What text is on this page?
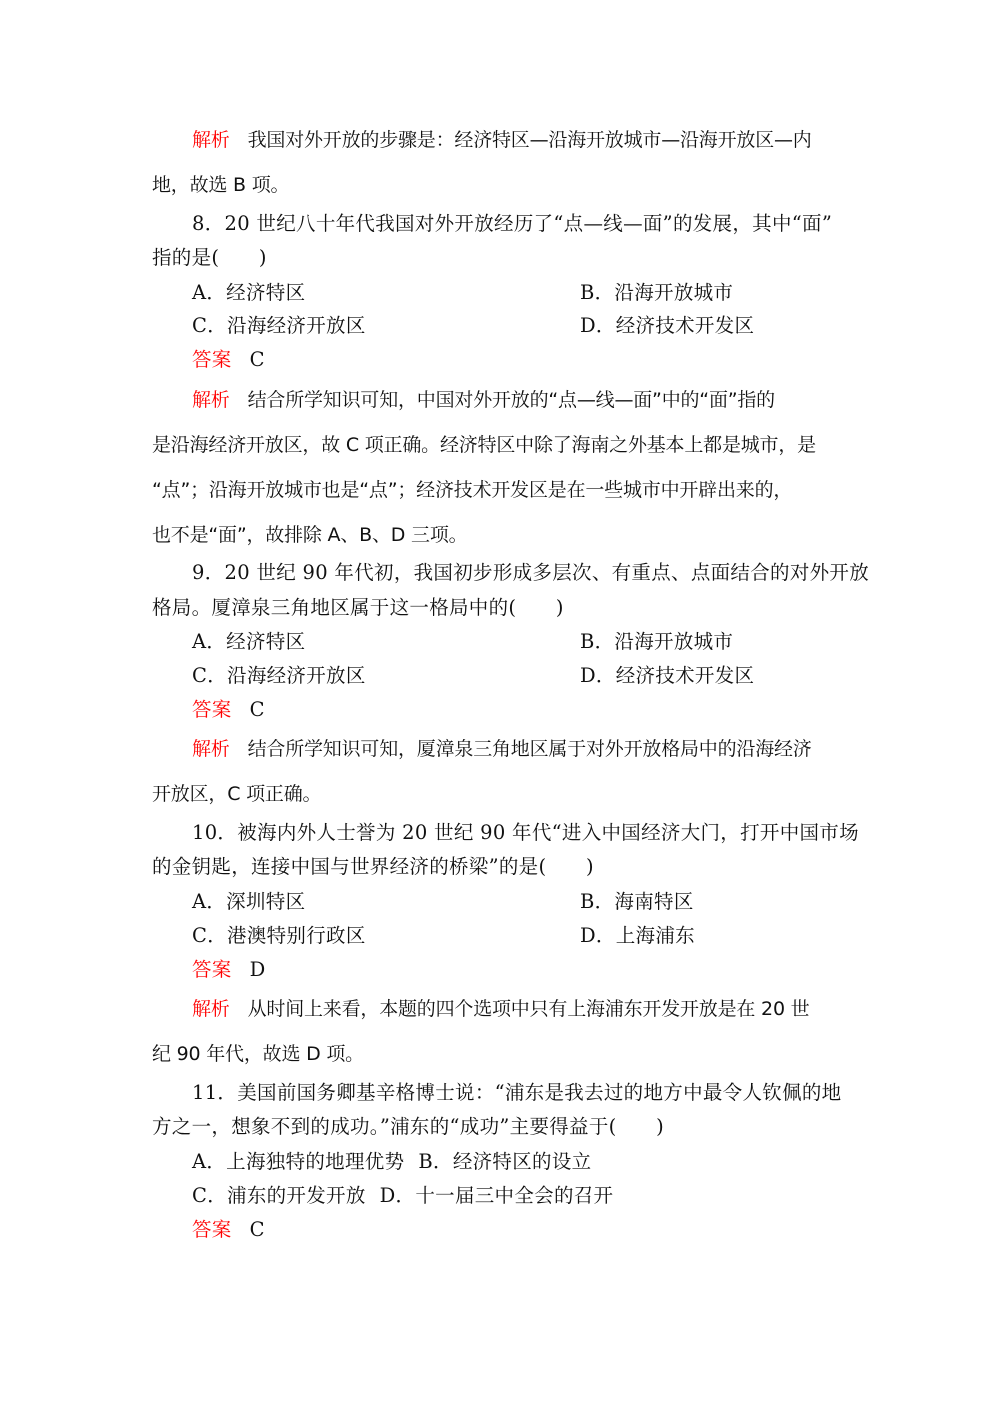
解析 我国对外开放的步骤是：经济特区—沿海开放城市—沿海开放区—内
地，故选 B 项。
8．20 世纪八十年代我国对外开放经历了“点—线—面”的发展，其中“面”
指的是(　　)
A．经济特区	B．沿海开放城市
C．沿海经济开放区	D．经济技术开发区
答案 C
解析 结合所学知识可知，中国对外开放的“点—线—面”中的“面”指的
是沿海经济开放区，故 C 项正确。经济特区中除了海南之外基本上都是城市，是
“点”；沿海开放城市也是“点”；经济技术开发区是在一些城市中开辟出来的，
也不是“面”，故排除 A、B、D 三项。
9．20 世纪 90 年代初，我国初步形成多层次、有重点、点面结合的对外开放
格局。厦漳泉三角地区属于这一格局中的(　　)
A．经济特区	B．沿海开放城市
C．沿海经济开放区	D．经济技术开发区
答案 C
解析 结合所学知识可知，厦漳泉三角地区属于对外开放格局中的沿海经济
开放区，C 项正确。
10．被海内外人士誉为 20 世纪 90 年代“进入中国经济大门，打开中国市场
的金钥匙，连接中国与世界经济的桥梁”的是(　　)
A．深圳特区	B．海南特区
C．港澳特别行政区	D．上海浦东
答案 D
解析 从时间上来看，本题的四个选项中只有上海浦东开发开放是在 20 世
纪 90 年代，故选 D 项。
11．美国前国务卿基辛格博士说：“浦东是我去过的地方中最令人钦佩的地
方之一，想象不到的成功。”浦东的“成功”主要得益于(　　)
A．上海独特的地理优势 B．经济特区的设立
C．浦东的开发开放 D．十一届三中全会的召开
答案 C
